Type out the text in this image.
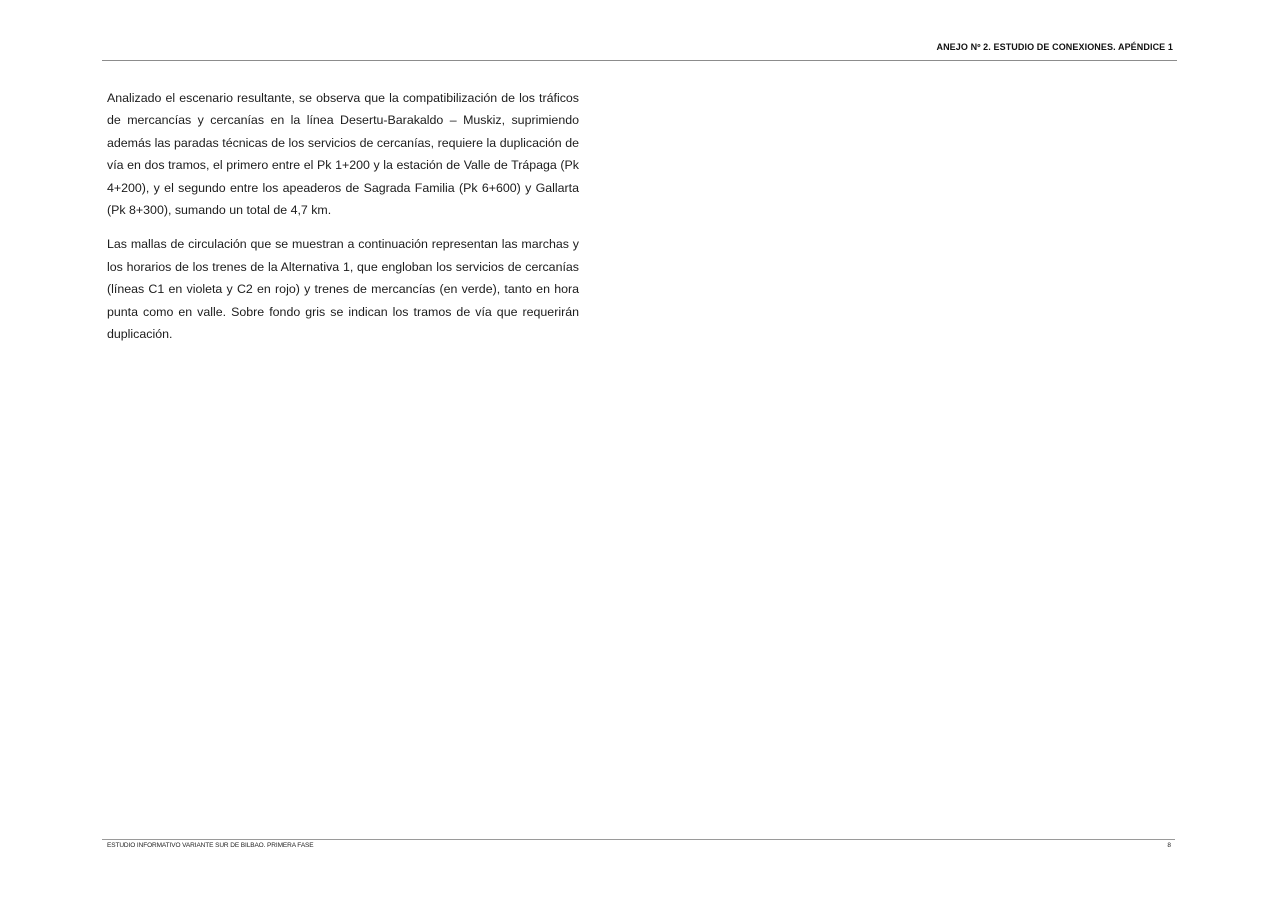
ANEJO Nº 2. ESTUDIO DE CONEXIONES. APÉNDICE 1

Analizado el escenario resultante, se observa que la compatibilización de los tráficos de mercancías y cercanías en la línea Desertu-Barakaldo – Muskiz, suprimiendo además las paradas técnicas de los servicios de cercanías, requiere la duplicación de vía en dos tramos, el primero entre el Pk 1+200 y la estación de Valle de Trápaga (Pk 4+200), y el segundo entre los apeaderos de Sagrada Familia (Pk 6+600) y Gallarta (Pk 8+300), sumando un total de 4,7 km.

Las mallas de circulación que se muestran a continuación representan las marchas y los horarios de los trenes de la Alternativa 1, que engloban los servicios de cercanías (líneas C1 en violeta y C2 en rojo) y trenes de mercancías (en verde), tanto en hora punta como en valle. Sobre fondo gris se indican los tramos de vía que requerirán duplicación.

ESTUDIO INFORMATIVO VARIANTE SUR DE BILBAO. PRIMERA FASE	8
